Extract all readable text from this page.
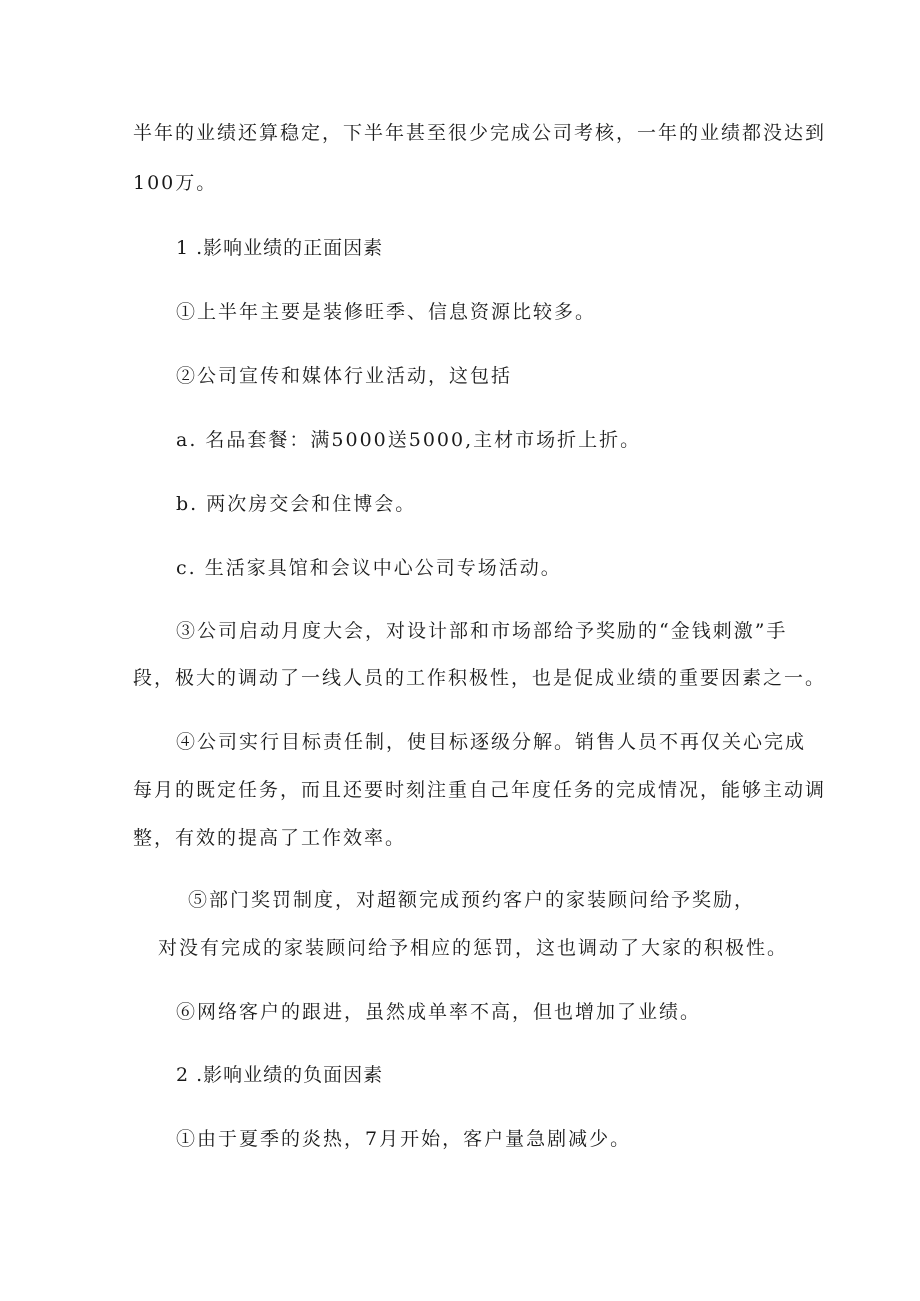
半年的业绩还算稳定，下半年甚至很少完成公司考核，一年的业绩都没达到
100万。
1 .影响业绩的正面因素
①上半年主要是装修旺季、信息资源比较多。
②公司宣传和媒体行业活动，这包括
a. 名品套餐：满5000送5000,主材市场折上折。
b. 两次房交会和住博会。
c. 生活家具馆和会议中心公司专场活动。
③公司启动月度大会，对设计部和市场部给予奖励的“金钱刺激”手
段，极大的调动了一线人员的工作积极性，也是促成业绩的重要因素之一。
④公司实行目标责任制，使目标逐级分解。销售人员不再仅关心完成
每月的既定任务，而且还要时刻注重自己年度任务的完成情况，能够主动调
整，有效的提高了工作效率。
⑤部门奖罚制度，对超额完成预约客户的家装顾问给予奖励，
对没有完成的家装顾问给予相应的惩罚，这也调动了大家的积极性。
⑥网络客户的跟进，虽然成单率不高，但也增加了业绩。
2 .影响业绩的负面因素
①由于夏季的炎热，7月开始，客户量急剧减少。
